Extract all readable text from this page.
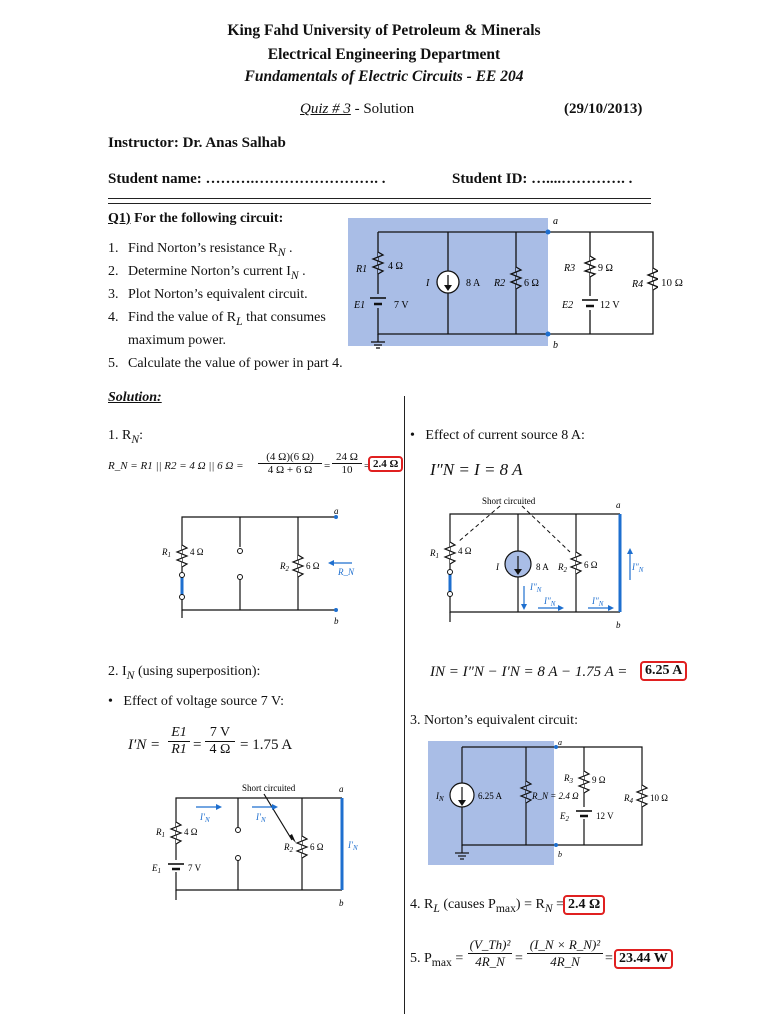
King Fahd University of Petroleum & Minerals
Electrical Engineering Department
Fundamentals of Electric Circuits - EE 204
Quiz # 3 - Solution	(29/10/2013)
Instructor: Dr. Anas Salhab
Student name: ……….……………………. .	Student ID: …....…………. .
Q1) For the following circuit:
1. Find Norton’s resistance $R_N$ .
2. Determine Norton’s current $I_N$ .
3. Plot Norton’s equivalent circuit.
4. Find the value of $R_L$ that consumes
maximum power.
5. Calculate the value of power in part 4.
a
b
R1 4 Ω
E1	7 V
I	8 A R2 6 Ω
R3 9 Ω
E2	12 V
R4 10 Ω
Solution:
1. $R_N$:
R_N = R1 || R2 = 4 Ω || 6 Ω =
(4 Ω)(6 Ω)
4 Ω + 6 Ω	=
24 Ω
10	= 2.4 Ω
a
b
$R_1$ 4 Ω
$R_2$ 6 Ω
R_N
2. $I_N$ (using superposition):
•   Effect of voltage source 7 V:
I′N =
E1
R1 =
7 V
4 Ω = 1.75 A
Short circuited
$I'_N$	$I'_N$
$I'_N$
a
b
$R_1$ 4 Ω
$E_1$	7 V
$R_2$ 6 Ω
•   Effect of current source 8 A:
I″N = I = 8 A
Short circuited	a
b
$R_1$ 4 Ω
I	8 A $R_2$ 6 Ω
$I''_N$
$I''_N$	$I''_N$
$I''_N$
IN = I″N − I′N = 8 A − 1.75 A =	6.25 A
3. Norton’s equivalent circuit:
a
b
$I_N$	6.25 A	R_N = 2.4 Ω
$R_3$ 9 Ω
$E_2$	12 V
$R_4$ 10 Ω
4. $R_L$ (causes $P_{max}) = R_N = 2.4$ Ω
5. $P_{max}$ =
(V_Th)²
4R_N =
(I_N × R_N)²
4R_N	= 23.44 W
